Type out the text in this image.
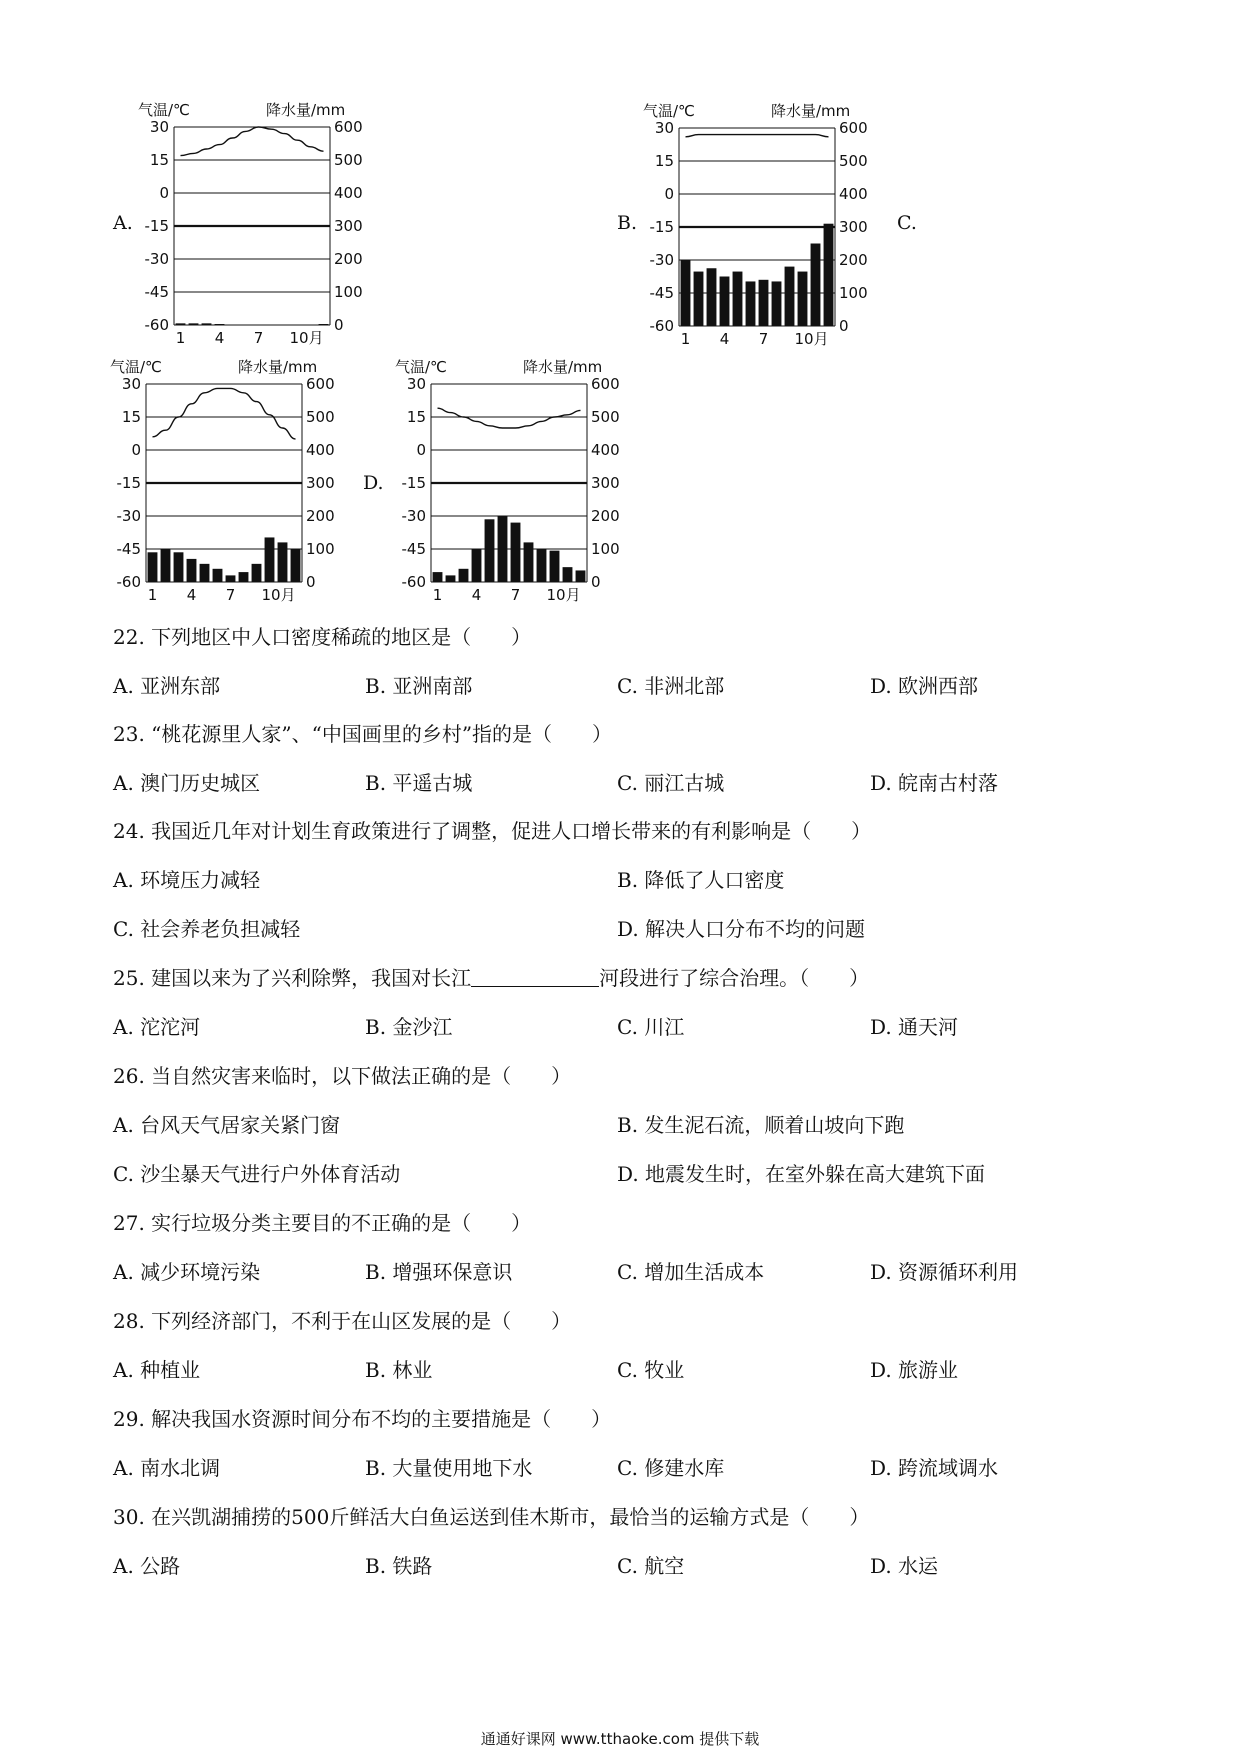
A.	B.	C.
D.
气温/℃	降水量/mm
30	600
15	500
0	400
-15	300
-30	200
-45	100
-60	0
1 4 7 10月
气温/℃	降水量/mm
30	600
15	500
0	400
-15	300
-30	200
-45	100
-60	0
1 4 7 10月
气温/℃	降水量/mm
30	600
15	500
0	400
-15	300
-30	200
-45	100
-60	0
1 4 7 10月
气温/℃	降水量/mm
30	600
15	500
0	400
-15	300
-30	200
-45	100
-60	0
1 4 7 10月
22. 下列地区中人口密度稀疏的地区是（　　）
A. 亚洲东部	B. 亚洲南部	C. 非洲北部	D. 欧洲西部
23. “桃花源里人家”、“中国画里的乡村”指的是（　　）
A. 澳门历史城区	B. 平遥古城	C. 丽江古城	D. 皖南古村落
24. 我国近几年对计划生育政策进行了调整，促进人口增长带来的有利影响是（　　）
A. 环境压力减轻	B. 降低了人口密度
C. 社会养老负担减轻	D. 解决人口分布不均的问题
25. 建国以来为了兴利除弊，我国对长江	河段进行了综合治理。（　　）
A. 沱沱河	B. 金沙江	C. 川江	D. 通天河
26. 当自然灾害来临时，以下做法正确的是（　　）
A. 台风天气居家关紧门窗	B. 发生泥石流，顺着山坡向下跑
C. 沙尘暴天气进行户外体育活动	D. 地震发生时，在室外躲在高大建筑下面
27. 实行垃圾分类主要目的不正确的是（　　）
A. 减少环境污染	B. 增强环保意识	C. 增加生活成本	D. 资源循环利用
28. 下列经济部门，不利于在山区发展的是（　　）
A. 种植业	B. 林业	C. 牧业	D. 旅游业
29. 解决我国水资源时间分布不均的主要措施是（　　）
A. 南水北调	B. 大量使用地下水	C. 修建水库	D. 跨流域调水
30. 在兴凯湖捕捞的500斤鲜活大白鱼运送到佳木斯市，最恰当的运输方式是（　　）
A. 公路	B. 铁路	C. 航空	D. 水运
通通好课网 www.tthaoke.com 提供下载
